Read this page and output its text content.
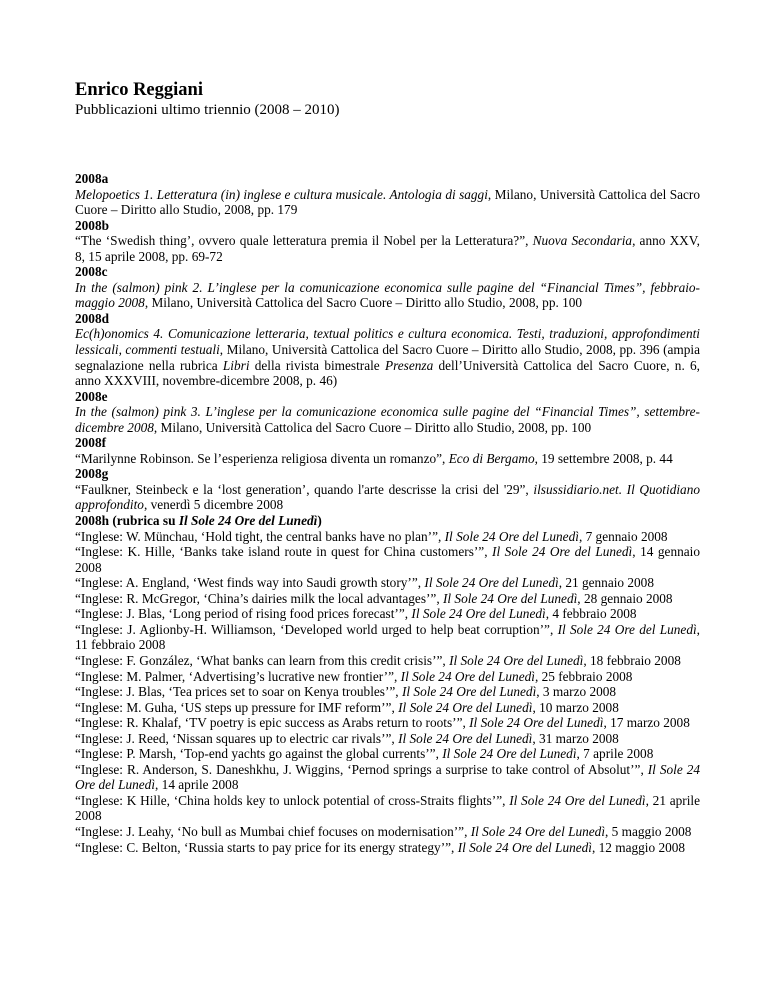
Enrico Reggiani

Pubblicazioni ultimo triennio (2008 – 2010)

2008a

Melopoetics 1. Letteratura (in) inglese e cultura musicale. Antologia di saggi, Milano, Università Cattolica del Sacro Cuore – Diritto allo Studio, 2008, pp. 179

2008b

“The ‘Swedish thing’, ovvero quale letteratura premia il Nobel per la Letteratura?”, Nuova Secondaria, anno XXV, 8, 15 aprile 2008, pp. 69-72

2008c

In the (salmon) pink 2. L’inglese per la comunicazione economica sulle pagine del “Financial Times”, febbraio-maggio 2008, Milano, Università Cattolica del Sacro Cuore – Diritto allo Studio, 2008, pp. 100

2008d

Ec(h)onomics 4. Comunicazione letteraria, textual politics e cultura economica. Testi, traduzioni, approfondimenti lessicali, commenti testuali, Milano, Università Cattolica del Sacro Cuore – Diritto allo Studio, 2008, pp. 396 (ampia segnalazione nella rubrica Libri della rivista bimestrale Presenza dell’Università Cattolica del Sacro Cuore, n. 6, anno XXXVIII, novembre-dicembre 2008, p. 46)

2008e

In the (salmon) pink 3. L’inglese per la comunicazione economica sulle pagine del “Financial Times”, settembre-dicembre 2008, Milano, Università Cattolica del Sacro Cuore – Diritto allo Studio, 2008, pp. 100

2008f

“Marilynne Robinson. Se l’esperienza religiosa diventa un romanzo”, Eco di Bergamo, 19 settembre 2008, p. 44

2008g

“Faulkner, Steinbeck e la ‘lost generation’, quando l'arte descrisse la crisi del '29”, ilsussidiario.net. Il Quotidiano approfondito, venerdì 5 dicembre 2008

2008h (rubrica su Il Sole 24 Ore del Lunedì)

“Inglese: W. Münchau, ‘Hold tight, the central banks have no plan’”, Il Sole 24 Ore del Lunedì, 7 gennaio 2008

“Inglese: K. Hille, ‘Banks take island route in quest for China customers’”, Il Sole 24 Ore del Lunedì, 14 gennaio 2008

“Inglese: A. England, ‘West finds way into Saudi growth story’”, Il Sole 24 Ore del Lunedì, 21 gennaio 2008

“Inglese: R. McGregor, ‘China’s dairies milk the local advantages’”, Il Sole 24 Ore del Lunedì, 28 gennaio 2008

“Inglese: J. Blas, ‘Long period of rising food prices forecast’”, Il Sole 24 Ore del Lunedì, 4 febbraio 2008

“Inglese: J. Aglionby-H. Williamson, ‘Developed world urged to help beat corruption’”, Il Sole 24 Ore del Lunedì, 11 febbraio 2008

“Inglese: F. González, ‘What banks can learn from this credit crisis’”, Il Sole 24 Ore del Lunedì, 18 febbraio 2008

“Inglese: M. Palmer, ‘Advertising’s lucrative new frontier’”, Il Sole 24 Ore del Lunedì, 25 febbraio 2008

“Inglese: J. Blas, ‘Tea prices set to soar on Kenya troubles’”, Il Sole 24 Ore del Lunedì, 3 marzo 2008

“Inglese: M. Guha, ‘US steps up pressure for IMF reform’”, Il Sole 24 Ore del Lunedì, 10 marzo 2008

“Inglese: R. Khalaf, ‘TV poetry is epic success as Arabs return to roots’”, Il Sole 24 Ore del Lunedì, 17 marzo 2008

“Inglese: J. Reed, ‘Nissan squares up to electric car rivals’”, Il Sole 24 Ore del Lunedì, 31 marzo 2008

“Inglese: P. Marsh, ‘Top-end yachts go against the global currents’”, Il Sole 24 Ore del Lunedì, 7 aprile 2008

“Inglese: R. Anderson, S. Daneshkhu, J. Wiggins, ‘Pernod springs a surprise to take control of Absolut’”, Il Sole 24 Ore del Lunedì, 14 aprile 2008

“Inglese: K Hille, ‘China holds key to unlock potential of cross-Straits flights’”, Il Sole 24 Ore del Lunedì, 21 aprile 2008

“Inglese: J. Leahy, ‘No bull as Mumbai chief focuses on modernisation’”, Il Sole 24 Ore del Lunedì, 5 maggio 2008

“Inglese: C. Belton, ‘Russia starts to pay price for its energy strategy’”, Il Sole 24 Ore del Lunedì, 12 maggio 2008
